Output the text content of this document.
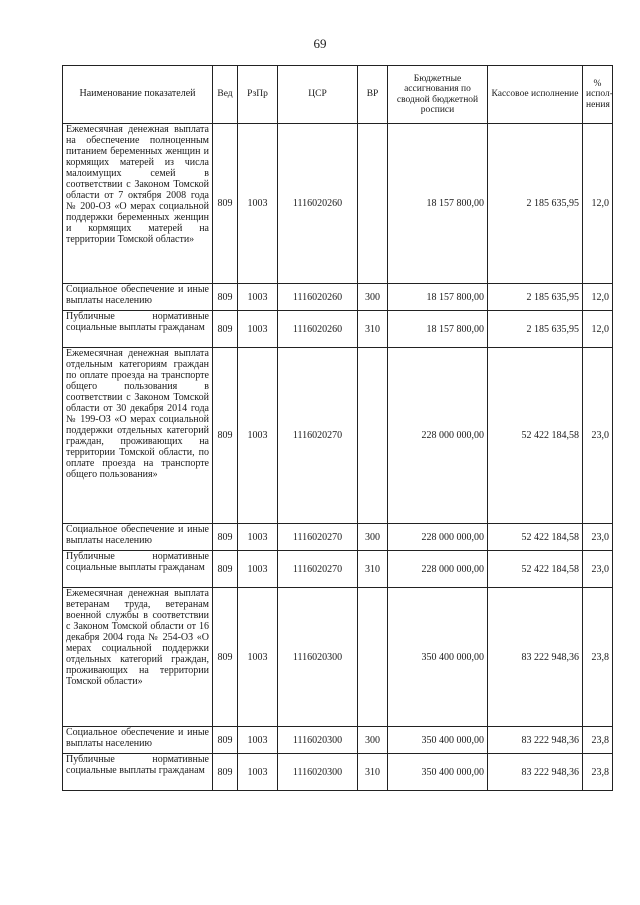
69
Наименование показателей	Вед	РзПр	ЦСР	ВР	Бюджетные ассигнования по сводной бюджетной росписи	Кассовое исполнение	% испол-нения
Ежемесячная денежная выплата на обеспечение полноценным питанием беременных женщин и кормящих матерей из числа малоимущих семей в соответствии с Законом Томской области от 7 октября 2008 года № 200-ОЗ «О мерах социальной поддержки беременных женщин и кормящих матерей на территории Томской области»	809	1003	1116020260		18 157 800,00	2 185 635,95	12,0
Социальное обеспечение и иные выплаты населению	809	1003	1116020260	300	18 157 800,00	2 185 635,95	12,0
Публичные нормативные социальные выплаты гражданам	809	1003	1116020260	310	18 157 800,00	2 185 635,95	12,0
Ежемесячная денежная выплата отдельным категориям граждан по оплате проезда на транспорте общего пользования в соответствии с Законом Томской области от 30 декабря 2014 года № 199-ОЗ «О мерах социальной поддержки отдельных категорий граждан, проживающих на территории Томской области, по оплате проезда на транспорте общего пользования»	809	1003	1116020270		228 000 000,00	52 422 184,58	23,0
Социальное обеспечение и иные выплаты населению	809	1003	1116020270	300	228 000 000,00	52 422 184,58	23,0
Публичные нормативные социальные выплаты гражданам	809	1003	1116020270	310	228 000 000,00	52 422 184,58	23,0
Ежемесячная денежная выплата ветеранам труда, ветеранам военной службы в соответствии с Законом Томской области от 16 декабря 2004 года № 254-ОЗ «О мерах социальной поддержки отдельных категорий граждан, проживающих на территории Томской области»	809	1003	1116020300		350 400 000,00	83 222 948,36	23,8
Социальное обеспечение и иные выплаты населению	809	1003	1116020300	300	350 400 000,00	83 222 948,36	23,8
Публичные нормативные социальные выплаты гражданам	809	1003	1116020300	310	350 400 000,00	83 222 948,36	23,8
